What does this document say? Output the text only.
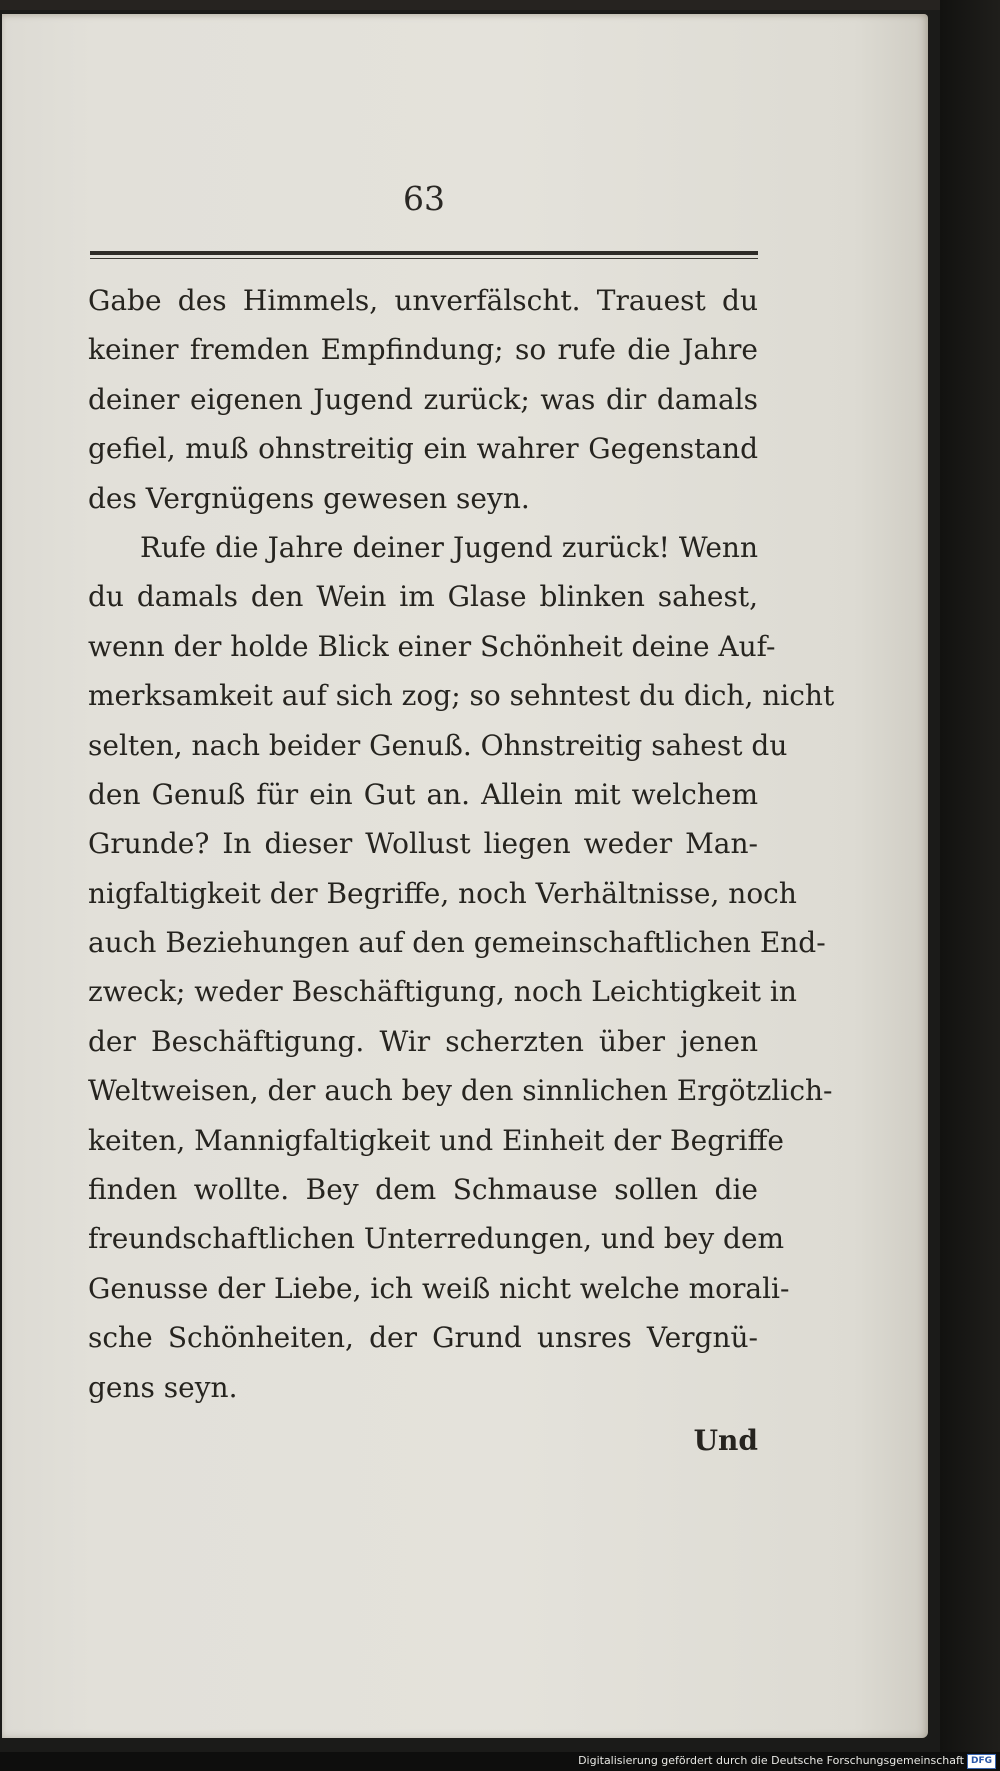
63
Gabe des Himmels, unverfälscht. Trauest du
keiner fremden Empfindung; so rufe die Jahre
deiner eigenen Jugend zurück; was dir damals
gefiel, muß ohnstreitig ein wahrer Gegenstand
des Vergnügens gewesen seyn.
Rufe die Jahre deiner Jugend zurück! Wenn
du damals den Wein im Glase blinken sahest,
wenn der holde Blick einer Schönheit deine Auf-
merksamkeit auf sich zog; so sehntest du dich, nicht
selten, nach beider Genuß. Ohnstreitig sahest du
den Genuß für ein Gut an. Allein mit welchem
Grunde? In dieser Wollust liegen weder Man-
nigfaltigkeit der Begriffe, noch Verhältnisse, noch
auch Beziehungen auf den gemeinschaftlichen End-
zweck; weder Beschäftigung, noch Leichtigkeit in
der Beschäftigung. Wir scherzten über jenen
Weltweisen, der auch bey den sinnlichen Ergötzlich-
keiten, Mannigfaltigkeit und Einheit der Begriffe
finden wollte. Bey dem Schmause sollen die
freundschaftlichen Unterredungen, und bey dem
Genusse der Liebe, ich weiß nicht welche morali-
sche Schönheiten, der Grund unsres Vergnü-
gens seyn.
Und
Digitalisierung gefördert durch die Deutsche Forschungsgemeinschaft DFG
